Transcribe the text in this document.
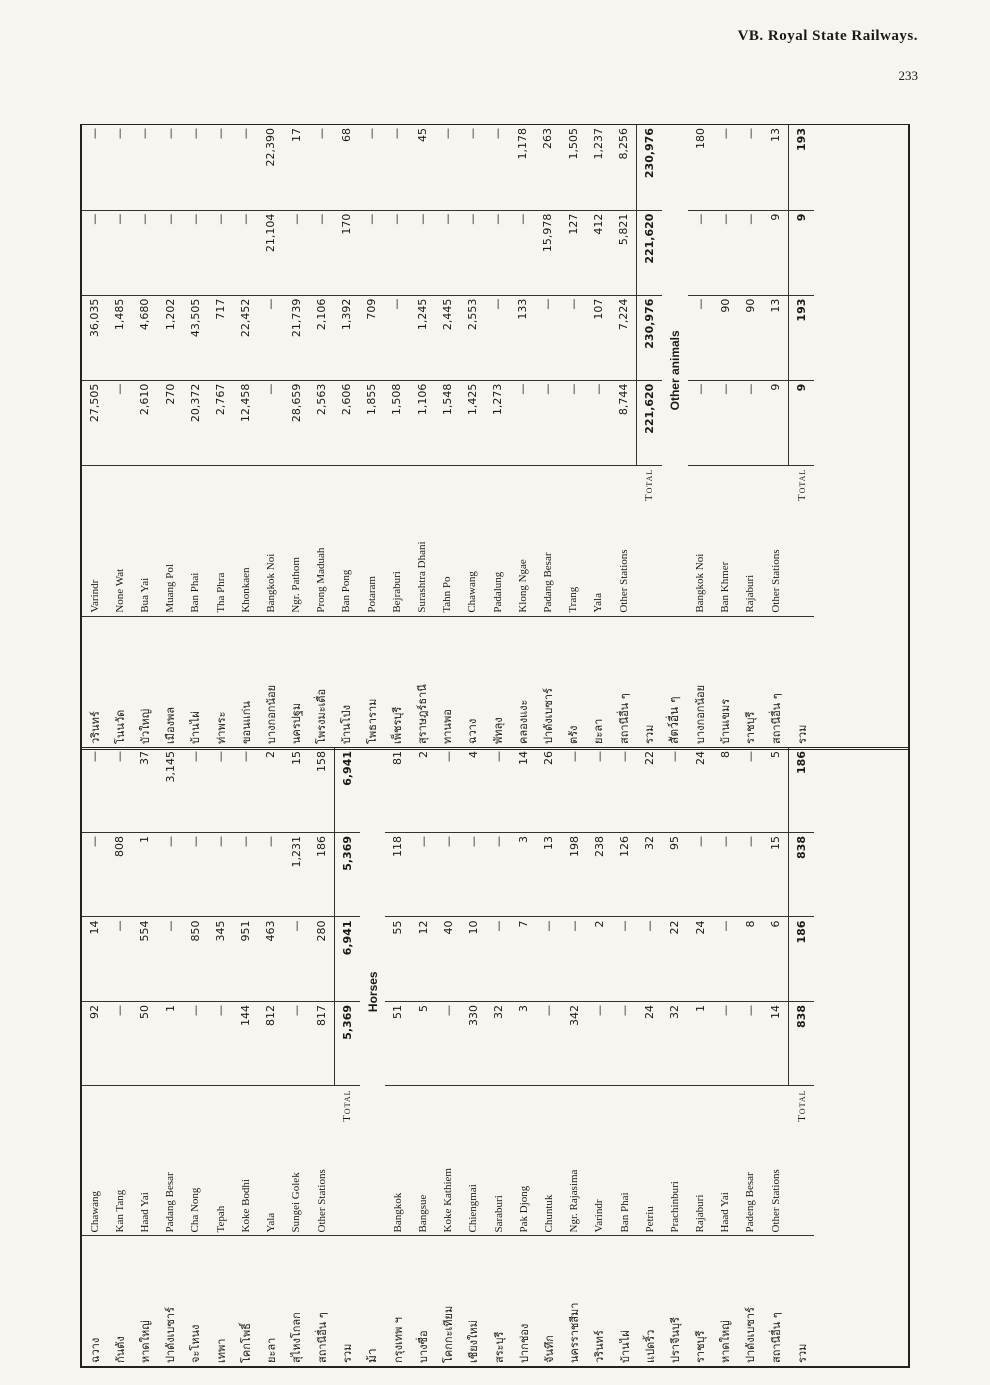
VB. Royal State Railways.
233
ฉวาง	Chawang	92	14	—	—
กันตัง	Kan Tang	—	—	808	—
หาดใหญ่	Haad Yai	50	554	1	37
ปาดังเบซาร์	Padang Besar	1	—	—	3,145
จะโหนง	Cha Nong	—	850	—	—
เทพา	Tepah	—	345	—	—
โคกโพธิ์	Koke Bodhi	144	951	—	—
ยะลา	Yala	812	463	—	2
สุไหงโกลก	Sungei Golek	—	—	1,231	15
สถานีอื่น ๆ	Other Stations	817	280	186	158
รวม	Total	5,369	6,941	5,369	6,941
ม้า	Horses				
กรุงเทพ ฯ	Bangkok	51	55	118	81
บางซื่อ	Bangsue	5	12	—	2
โคกกะเทียม	Koke Kathiem	—	40	—	—
เชียงใหม่	Chiengmai	330	10	—	4
สระบุรี	Saraburi	32	—	—	—
ปากช่อง	Pak Djong	3	7	3	14
จันทึก	Chuntuk	—	—	13	26
นครราชสีมา	Ngr. Rajasima	342	—	198	—
วรินทร์	Varindr	—	2	238	—
บ้านไผ่	Ban Phai	—	—	126	—
แปดริ้ว	Petriu	24	—	32	22
ปราจีนบุรี	Prachinburi	32	22	95	—
ราชบุรี	Rajaburi	1	24	—	24
หาดใหญ่	Haad Yai	—	—	—	8
ปาดังเบซาร์	Padeng Besar	—	8	—	—
สถานีอื่น ๆ	Other Stations	14	6	15	5
รวม	Total	838	186	838	186
วรินทร์	Varindr	27,505	36,035	—	—
โนนวัด	None Wat	—	1,485	—	—
บัวใหญ่	Bua Yai	2,610	4,680	—	—
เมืองพล	Muang Pol	270	1,202	—	—
บ้านไผ่	Ban Phai	20,372	43,505	—	—
ท่าพระ	Tha Phra	2,767	717	—	—
ขอนแก่น	Khonkaen	12,458	22,452	—	—
บางกอกน้อย	Bangkok Noi	—	—	21,104	22,390
นครปฐม	Ngr. Pathom	28,659	21,739	—	17
โพรงมะเดื่อ	Prong Maduah	2,563	2,106	—	—
บ้านโป่ง	Ban Pong	2,606	1,392	170	68
โพธาราม	Potaram	1,855	709	—	—
เพ็ชรบุรี	Bejraburi	1,508	—	—	—
สุราษฎร์ธานี	Surashtra Dhani	1,106	1,245	—	45
ทานพอ	Tahn Po	1,548	2,445	—	—
ฉวาง	Chawang	1,425	2,553	—	—
พัทลุง	Padalung	1,273	—	—	—
คลองแงะ	Klong Ngae	—	133	—	1,178
ปาดังเบซาร์	Padang Besar	—	—	15,978	263
ตรัง	Trang	—	—	127	1,505
ยะลา	Yala	—	107	412	1,237
สถานีอื่น ๆ	Other Stations	8,744	7,224	5,821	8,256
รวม	Total	221,620	230,976	221,620	230,976
สัตว์อื่น ๆ	Other animals				
บางกอกน้อย	Bangkok Noi	—	—	—	180
บ้านเขมร	Ban Khmer	—	90	—	—
ราชบุรี	Rajaburi	—	90	—	—
สถานีอื่น ๆ	Other Stations	9	13	9	13
รวม	Total	9	193	9	193
